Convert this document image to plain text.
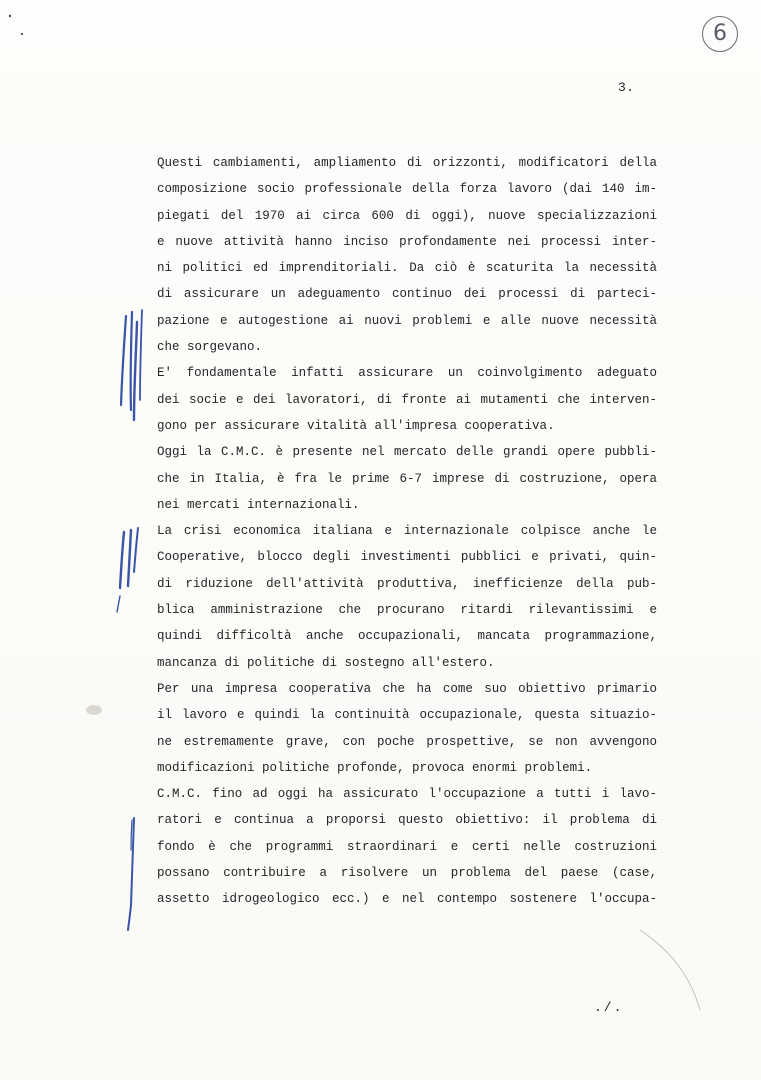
6
3.
Questi cambiamenti, ampliamento di orizzonti, modificatori della
composizione socio professionale della forza lavoro (dai 140 im-
piegati del 1970 ai circa 600 di oggi), nuove specializzazioni
e nuove attività hanno inciso profondamente nei processi inter-
ni politici ed imprenditoriali. Da ciò è scaturita la necessità
di assicurare un adeguamento continuo dei processi di parteci-
pazione e autogestione ai nuovi problemi e alle nuove necessità
che sorgevano.
E' fondamentale infatti assicurare un coinvolgimento adeguato
dei socie e dei lavoratori, di fronte ai mutamenti che interven-
gono per assicurare vitalità all'impresa cooperativa.
Oggi la C.M.C. è presente nel mercato delle grandi opere pubbli-
che in Italia, è fra le prime 6-7 imprese di costruzione, opera
nei mercati internazionali.
La crisi economica italiana e internazionale colpisce anche le
Cooperative, blocco degli investimenti pubblici e privati, quin-
di riduzione dell'attività produttiva, inefficienze della pub-
blica amministrazione che procurano ritardi rilevantissimi e
quindi difficoltà anche occupazionali, mancata programmazione,
mancanza di politiche di sostegno all'estero.
Per una impresa cooperativa che ha come suo obiettivo primario
il lavoro e quindi la continuità occupazionale, questa situazio-
ne estremamente grave, con poche prospettive, se non avvengono
modificazioni politiche profonde, provoca enormi problemi.
C.M.C. fino ad oggi ha assicurato l'occupazione a tutti i lavo-
ratori e continua a proporsi questo obiettivo: il problema di
fondo è che programmi straordinari e certi nelle costruzioni
possano contribuire a risolvere un problema del paese (case,
assetto idrogeologico ecc.) e nel contempo sostenere l'occupa-
./.
